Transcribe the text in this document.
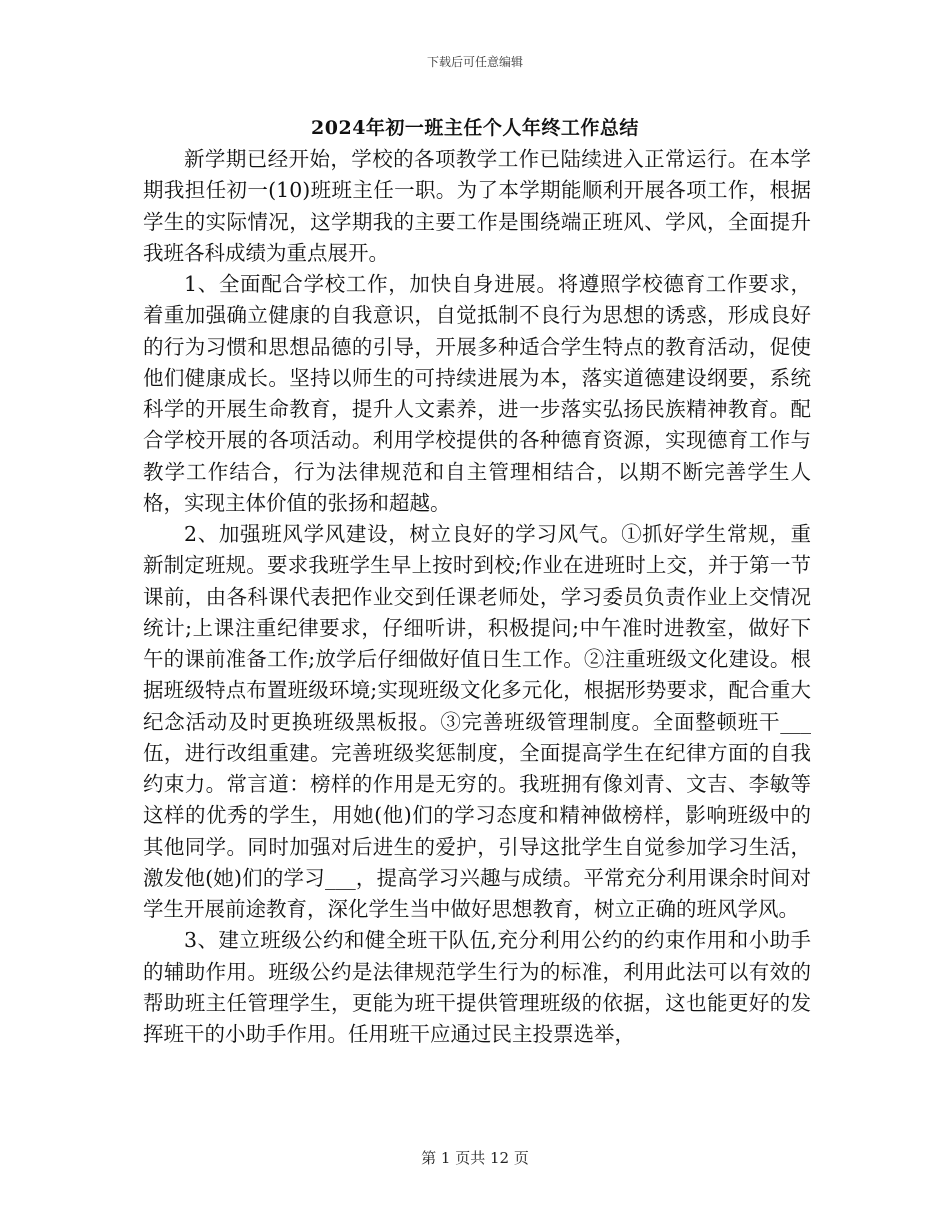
下载后可任意编辑
2024年初一班主任个人年终工作总结

新学期已经开始，学校的各项教学工作已陆续进入正常运行。在本学期我担任初一(10)班班主任一职。为了本学期能顺利开展各项工作，根据学生的实际情况，这学期我的主要工作是围绕端正班风、学风，全面提升我班各科成绩为重点展开。

1、全面配合学校工作，加快自身进展。将遵照学校德育工作要求，着重加强确立健康的自我意识，自觉抵制不良行为思想的诱惑，形成良好的行为习惯和思想品德的引导，开展多种适合学生特点的教育活动，促使他们健康成长。坚持以师生的可持续进展为本，落实道德建设纲要，系统科学的开展生命教育，提升人文素养，进一步落实弘扬民族精神教育。配合学校开展的各项活动。利用学校提供的各种德育资源，实现德育工作与教学工作结合，行为法律规范和自主管理相结合，以期不断完善学生人格，实现主体价值的张扬和超越。

2、加强班风学风建设，树立良好的学习风气。①抓好学生常规，重新制定班规。要求我班学生早上按时到校;作业在进班时上交，并于第一节课前，由各科课代表把作业交到任课老师处，学习委员负责作业上交情况统计;上课注重纪律要求，仔细听讲，积极提问;中午准时进教室，做好下午的课前准备工作;放学后仔细做好值日生工作。②注重班级文化建设。根据班级特点布置班级环境;实现班级文化多元化，根据形势要求，配合重大纪念活动及时更换班级黑板报。③完善班级管理制度。全面整顿班干___伍，进行改组重建。完善班级奖惩制度，全面提高学生在纪律方面的自我约束力。常言道：榜样的作用是无穷的。我班拥有像刘青、文吉、李敏等这样的优秀的学生，用她(他)们的学习态度和精神做榜样，影响班级中的其他同学。同时加强对后进生的爱护，引导这批学生自觉参加学习生活，激发他(她)们的学习___，提高学习兴趣与成绩。平常充分利用课余时间对学生开展前途教育，深化学生当中做好思想教育，树立正确的班风学风。

3、建立班级公约和健全班干队伍,充分利用公约的约束作用和小助手的辅助作用。班级公约是法律规范学生行为的标准，利用此法可以有效的帮助班主任管理学生，更能为班干提供管理班级的依据，这也能更好的发挥班干的小助手作用。任用班干应通过民主投票选举，

第 1 页共 12 页
